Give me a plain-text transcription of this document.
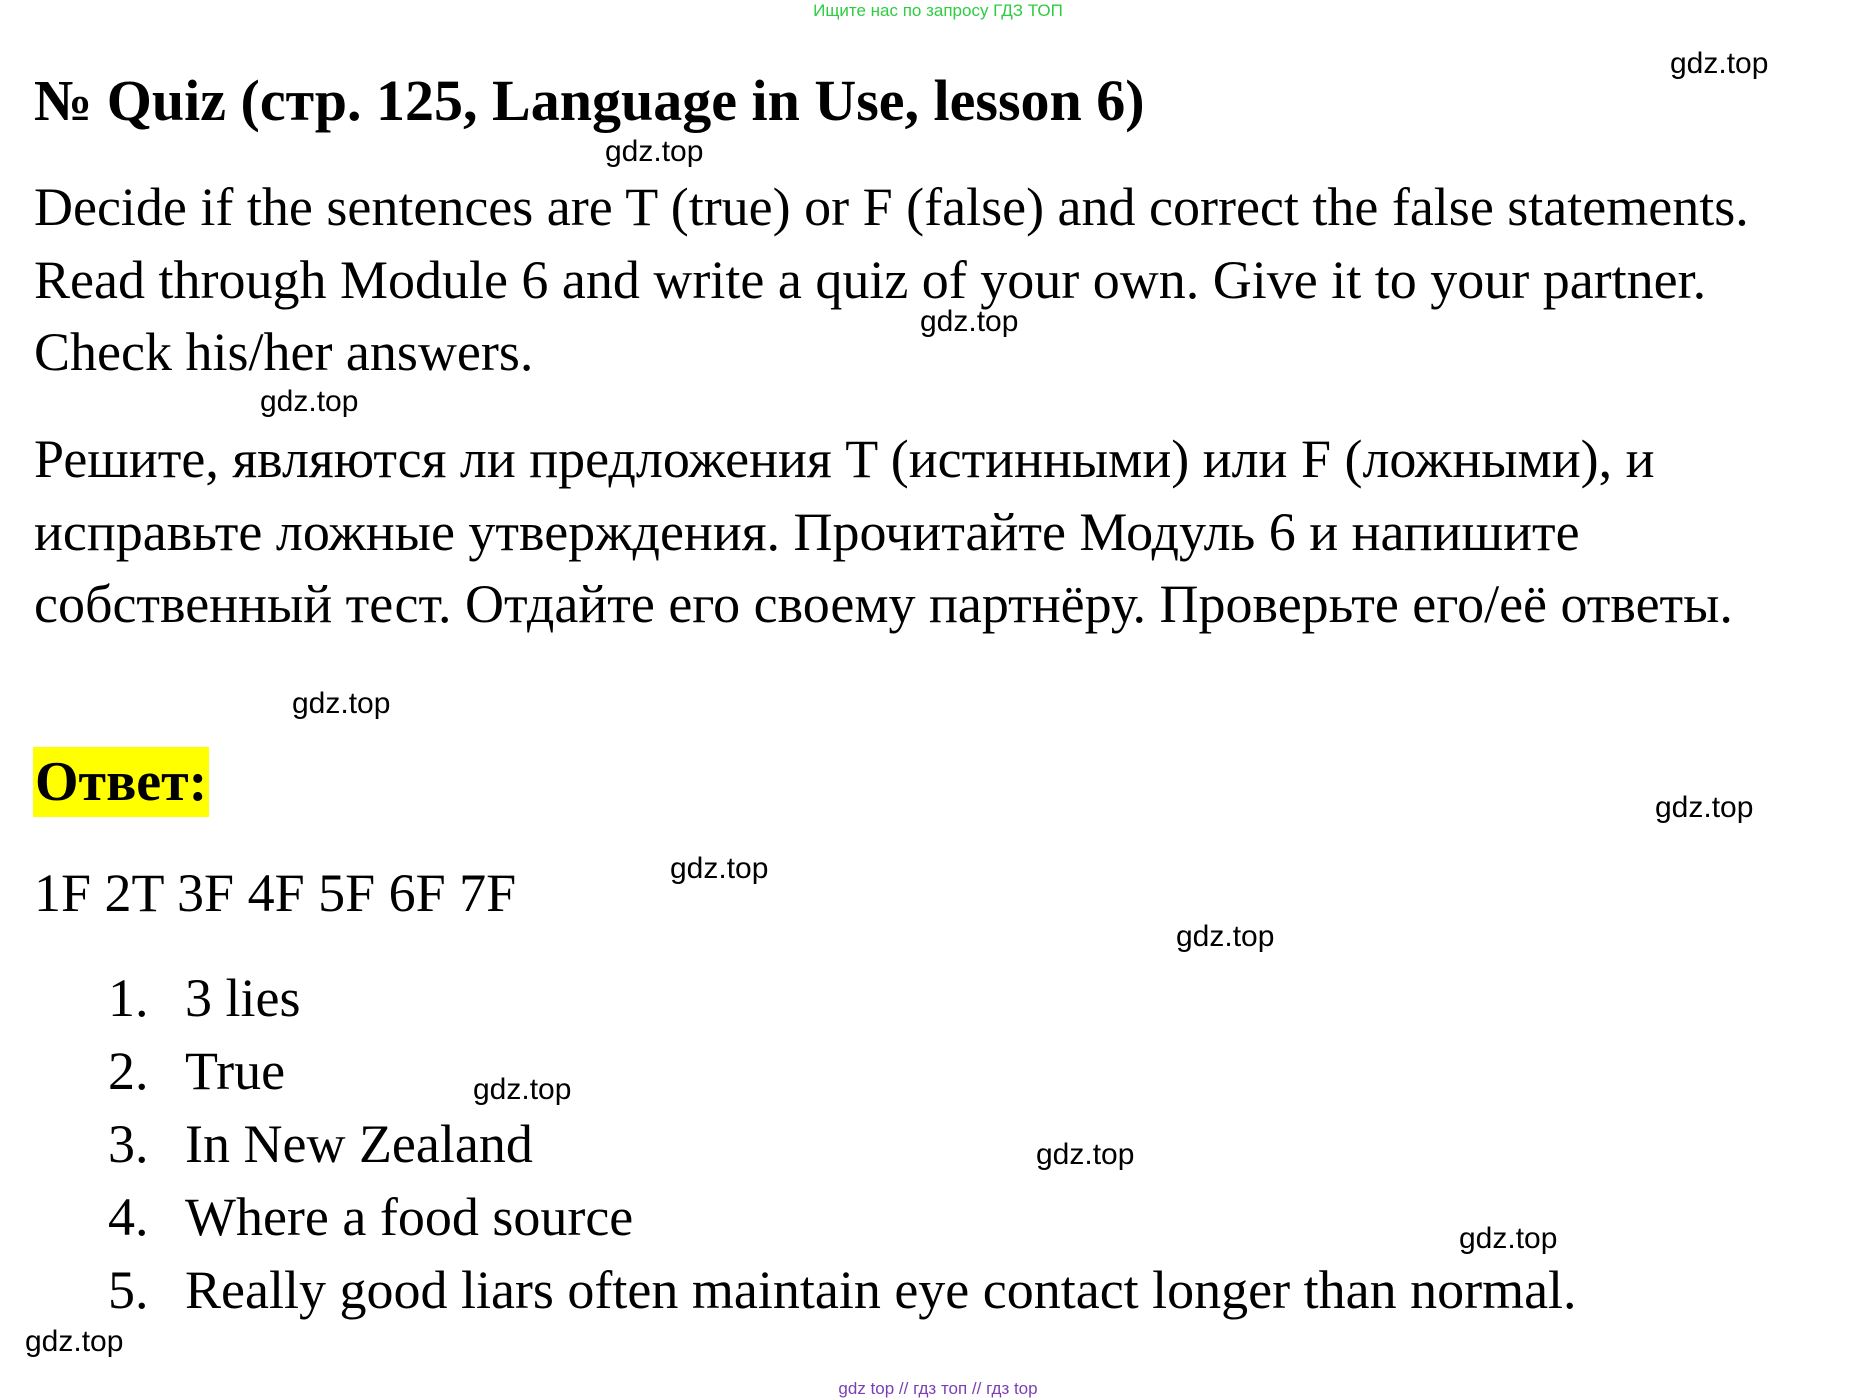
Ищите нас по запросу ГДЗ ТОП
№ Quiz (стр. 125, Language in Use, lesson 6)

Decide if the sentences are T (true) or F (false) and correct the false statements. Read through Module 6 and write a quiz of your own. Give it to your partner. Check his/her answers.

Решите, являются ли предложения T (истинными) или F (ложными), и исправьте ложные утверждения. Прочитайте Модуль 6 и напишите собственный тест. Отдайте его своему партнёру. Проверьте его/её ответы.

Ответ:

1F 2T 3F 4F 5F 6F 7F

1. 3 lies
2. True
3. In New Zealand
4. Where a food source
5. Really good liars often maintain eye contact longer than normal.
gdz.top
gdz.top
gdz.top
gdz.top
gdz.top
gdz.top
gdz.top
gdz.top
gdz.top
gdz.top
gdz.top
gdz.top
gdz top // гдз топ // гдз top
